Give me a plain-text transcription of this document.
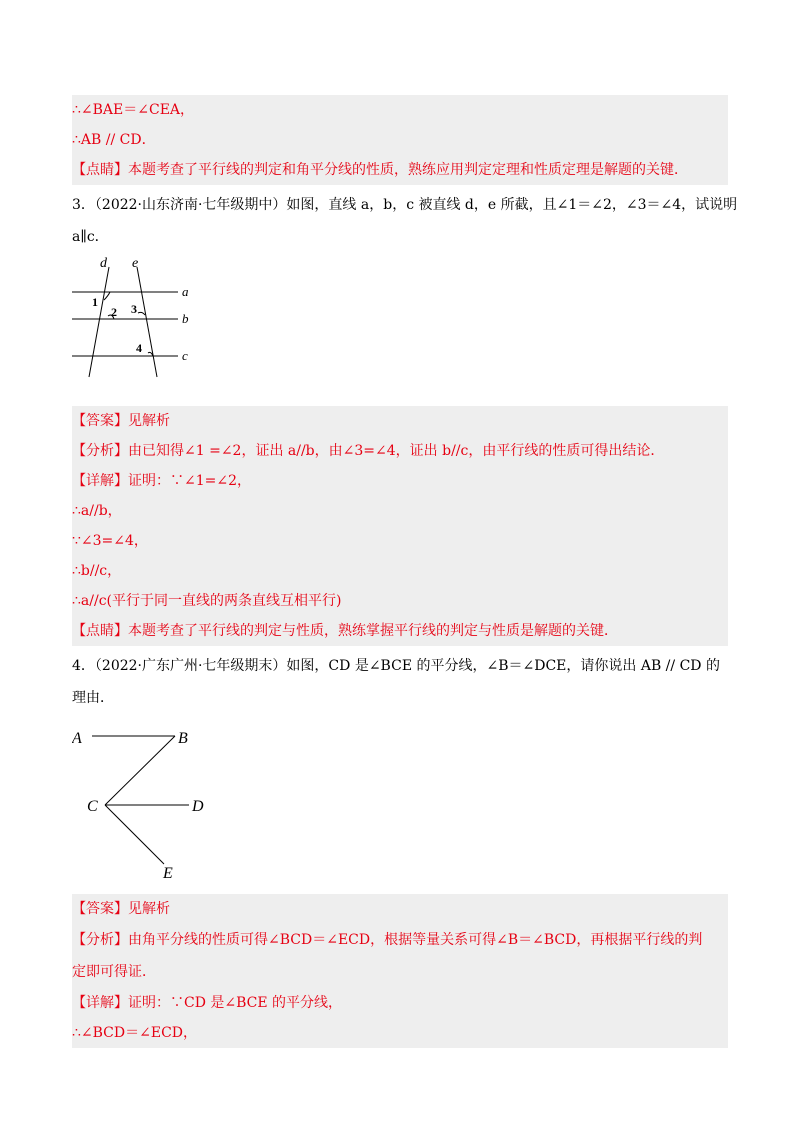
∴∠BAE＝∠CEA，
∴AB // CD．
【点睛】本题考查了平行线的判定和角平分线的性质，熟练应用判定定理和性质定理是解题的关键．
3．（2022·山东济南·七年级期中）如图，直线 a，b，c 被直线 d，e 所截，且∠1＝∠2，∠3＝∠4，试说明
a∥c．
d e
a
b
c
1
2 3
4
【答案】见解析
【分析】由已知得∠1 =∠2，证出 a//b，由∠3=∠4，证出 b//c，由平行线的性质可得出结论．
【详解】证明：∵∠1=∠2，
∴a//b，
∵∠3=∠4，
∴b//c，
∴a//c(平行于同一直线的两条直线互相平行)
【点睛】本题考查了平行线的判定与性质，熟练掌握平行线的判定与性质是解题的关键．
4．（2022·广东广州·七年级期末）如图，CD 是∠BCE 的平分线，∠B＝∠DCE，请你说出 AB // CD 的
理由．
A	B
C	D
E
【答案】见解析
【分析】由角平分线的性质可得∠BCD＝∠ECD，根据等量关系可得∠B＝∠BCD，再根据平行线的判
定即可得证．
【详解】证明：∵CD 是∠BCE 的平分线，
∴∠BCD＝∠ECD，
